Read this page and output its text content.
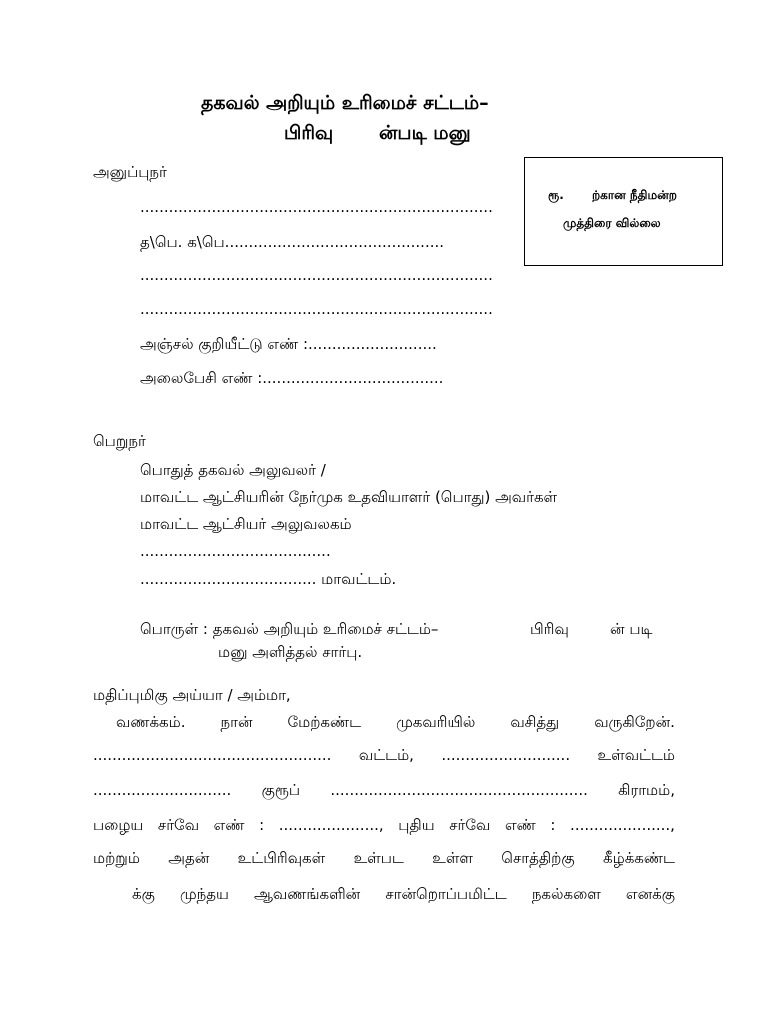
தகவல் அறியும் உரிமைச் சட்டம்–
பிரிவு ன்படி மனு
ரூ. ற்கான நீதிமன்ற
முத்திரை வில்லை
அனுப்புநர்
..........................................................................
த\பெ. க\பெ..............................................
..........................................................................
..........................................................................
அஞ்சல் குறியீட்டு எண் :...........................
அலைபேசி எண் :......................................
பெறுநர்
பொதுத் தகவல் அலுவலர் /
மாவட்ட ஆட்சியரின் நேர்முக உதவியாளர் (பொது) அவர்கள்
மாவட்ட ஆட்சியர் அலுவலகம்
........................................
..................................... மாவட்டம்.
பொருள் : தகவல் அறியும் உரிமைச் சட்டம்–	பிரிவு	ன் படி
மனு அளித்தல் சார்பு.
மதிப்புமிகு அய்யா / அம்மா,
வணக்கம். நான் மேற்கண்ட முகவரியில் வசித்து வருகிறேன்.
.................................................. வட்டம், ........................... உள்வட்டம்
............................. குரூப் ...................................................... கிராமம்,
பழைய சர்வே எண் : ....................., புதிய சர்வே எண் : .....................,
மற்றும் அதன் உட்பிரிவுகள் உள்பட உள்ள சொத்திற்கு கீழ்க்கண்ட
க்கு முந்தய ஆவணங்களின் சான்றொப்பமிட்ட நகல்களை எனக்கு
